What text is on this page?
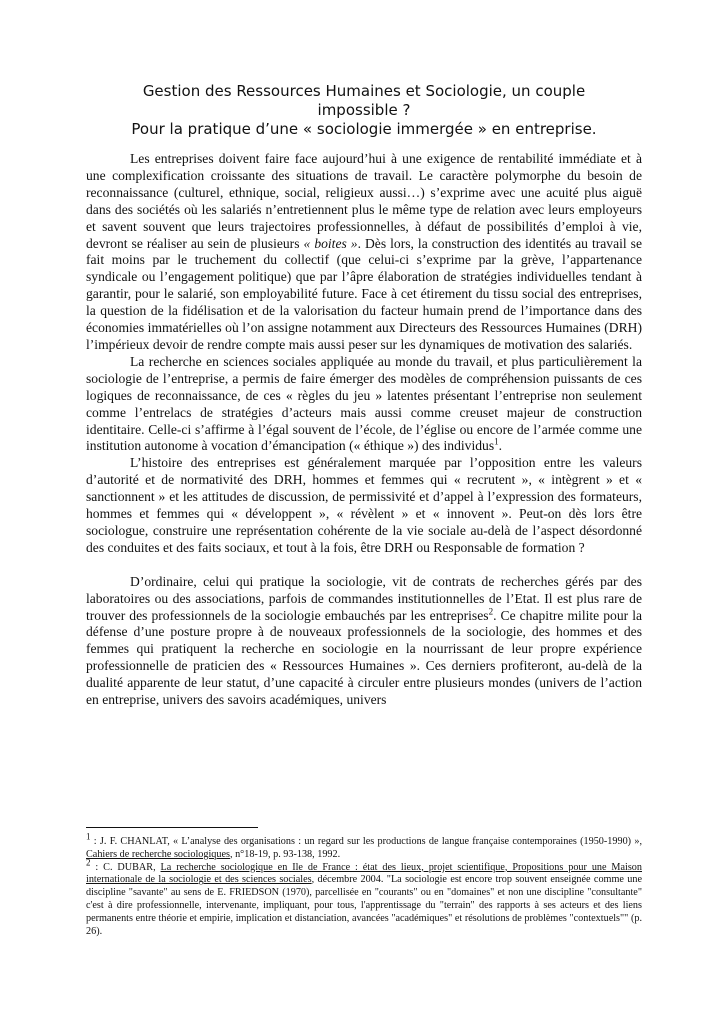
Gestion des Ressources Humaines et Sociologie, un couple
impossible ?
Pour la pratique d’une « sociologie immergée » en entreprise.

Les entreprises doivent faire face aujourd’hui à une exigence de rentabilité immédiate et à une complexification croissante des situations de travail. Le caractère polymorphe du besoin de reconnaissance (culturel, ethnique, social, religieux aussi…) s’exprime avec une acuité plus aiguë dans des sociétés où les salariés n’entretiennent plus le même type de relation avec leurs employeurs et savent souvent que leurs trajectoires professionnelles, à défaut de possibilités d’emploi à vie, devront se réaliser au sein de plusieurs « boites ». Dès lors, la construction des identités au travail se fait moins par le truchement du collectif (que celui-ci s’exprime par la grève, l’appartenance syndicale ou l’engagement politique) que par l’âpre élaboration de stratégies individuelles tendant à garantir, pour le salarié, son employabilité future. Face à cet étirement du tissu social des entreprises, la question de la fidélisation et de la valorisation du facteur humain prend de l’importance dans des économies immatérielles où l’on assigne notamment aux Directeurs des Ressources Humaines (DRH) l’impérieux devoir de rendre compte mais aussi peser sur les dynamiques de motivation des salariés.

La recherche en sciences sociales appliquée au monde du travail, et plus particulièrement la sociologie de l’entreprise, a permis de faire émerger des modèles de compréhension puissants de ces logiques de reconnaissance, de ces « règles du jeu » latentes présentant l’entreprise non seulement comme l’entrelacs de stratégies d’acteurs mais aussi comme creuset majeur de construction identitaire. Celle-ci s’affirme à l’égal souvent de l’école, de l’église ou encore de l’armée comme une institution autonome à vocation d’émancipation (« éthique ») des individus$^1$.

L’histoire des entreprises est généralement marquée par l’opposition entre les valeurs d’autorité et de normativité des DRH, hommes et femmes qui « recrutent », « intègrent » et « sanctionnent » et les attitudes de discussion, de permissivité et d’appel à l’expression des formateurs, hommes et femmes qui « développent », « révèlent » et « innovent ». Peut-on dès lors être sociologue, construire une représentation cohérente de la vie sociale au-delà de l’aspect désordonné des conduites et des faits sociaux, et tout à la fois, être DRH ou Responsable de formation ?

D’ordinaire, celui qui pratique la sociologie, vit de contrats de recherches gérés par des laboratoires ou des associations, parfois de commandes institutionnelles de l’Etat. Il est plus rare de trouver des professionnels de la sociologie embauchés par les entreprises$^2$. Ce chapitre milite pour la défense d’une posture propre à de nouveaux professionnels de la sociologie, des hommes et des femmes qui pratiquent la recherche en sociologie en la nourrissant de leur propre expérience professionnelle de praticien des « Ressources Humaines ». Ces derniers profiteront, au-delà de la dualité apparente de leur statut, d’une capacité à circuler entre plusieurs mondes (univers de l’action en entreprise, univers des savoirs académiques, univers

$^1$ : J. F. CHANLAT, « L’analyse des organisations : un regard sur les productions de langue française contemporaines (1950-1990) », Cahiers de recherche sociologiques, n°18-19, p. 93-138, 1992.

$^2$ : C. DUBAR, La recherche sociologique en Ile de France : état des lieux, projet scientifique, Propositions pour une Maison internationale de la sociologie et des sciences sociales, décembre 2004. "La sociologie est encore trop souvent enseignée comme une discipline "savante" au sens de E. FRIEDSON (1970), parcellisée en "courants" ou en "domaines" et non une discipline "consultante" c'est à dire professionnelle, intervenante, impliquant, pour tous, l'apprentissage du "terrain" des rapports à ses acteurs et des liens permanents entre théorie et empirie, implication et distanciation, avancées "académiques" et résolutions de problèmes "contextuels"" (p. 26).
